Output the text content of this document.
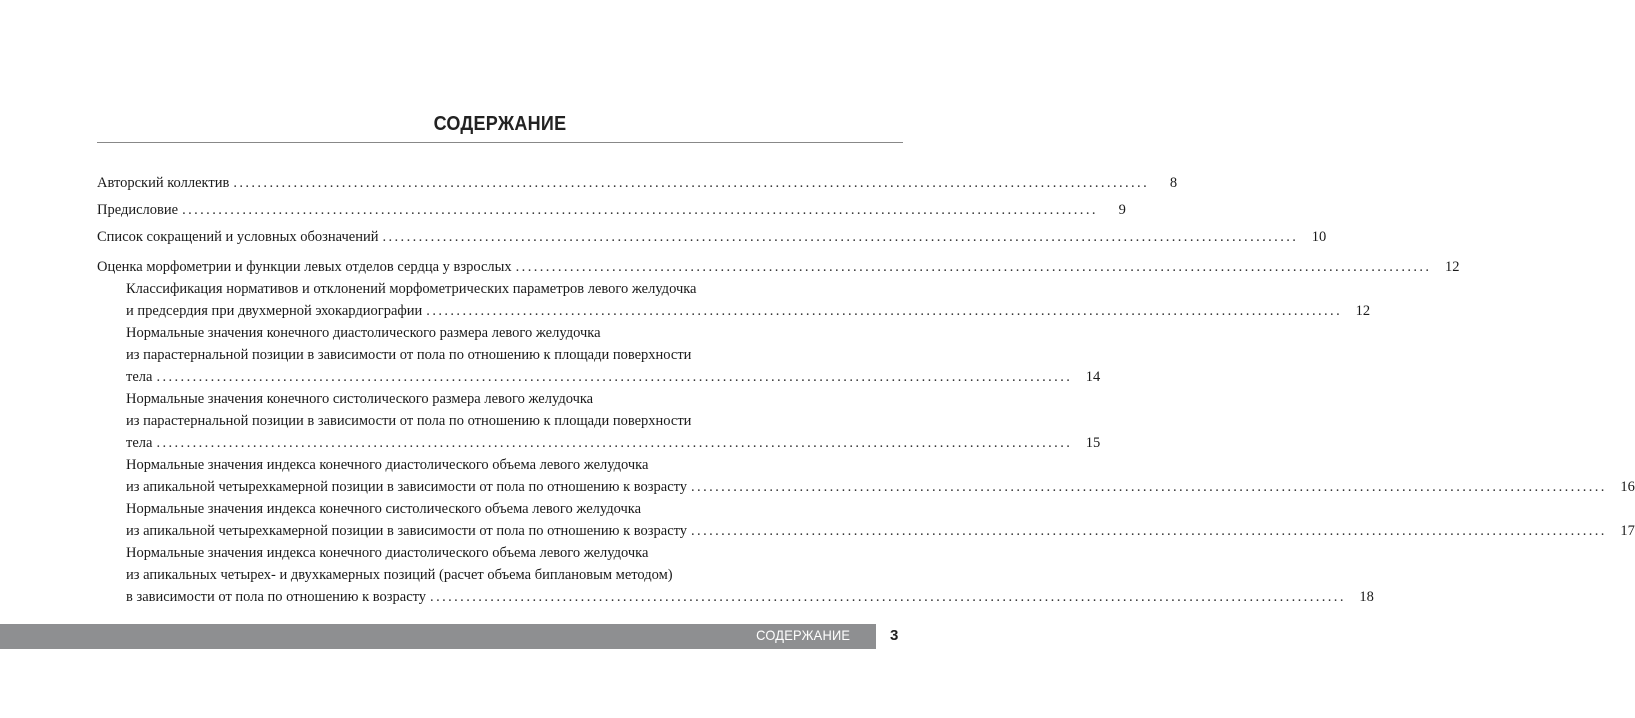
СОДЕРЖАНИЕ
Авторский коллектив ........................................................................................................................................................	8
Предисловие ........................................................................................................................................................	9
Список сокращений и условных обозначений ........................................................................................................................................................ 10
Оценка морфометрии и функции левых отделов сердца у взрослых ........................................................................................................................................................ 12
Классификация нормативов и отклонений морфометрических параметров левого желудочка
и предсердия при двухмерной эхокардиографии ........................................................................................................................................................ 12
Нормальные значения конечного диастолического размера левого желудочка
из парастернальной позиции в зависимости от пола по отношению к площади поверхности
тела ........................................................................................................................................................ 14
Нормальные значения конечного систолического размера левого желудочка
из парастернальной позиции в зависимости от пола по отношению к площади поверхности
тела ........................................................................................................................................................ 15
Нормальные значения индекса конечного диастолического объема левого желудочка
из апикальной четырехкамерной позиции в зависимости от пола по отношению к возрасту ........................................................................................................................................................ 16
Нормальные значения индекса конечного систолического объема левого желудочка
из апикальной четырехкамерной позиции в зависимости от пола по отношению к возрасту ........................................................................................................................................................ 17
Нормальные значения индекса конечного диастолического объема левого желудочка
из апикальных четырех- и двухкамерных позиций (расчет объема биплановым методом)
в зависимости от пола по отношению к возрасту ........................................................................................................................................................ 18
СОДЕРЖАНИЕ	3
